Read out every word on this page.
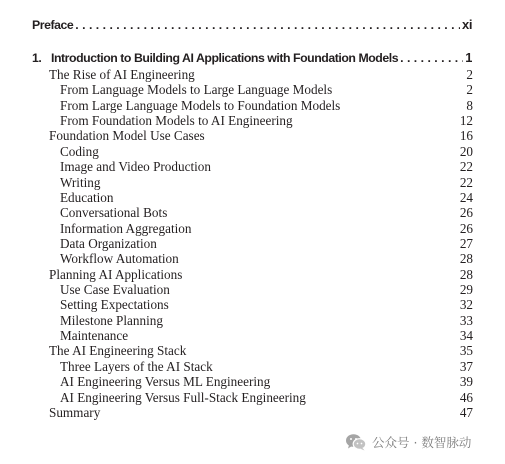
Preface . . .	xi
1. Introduction to Building AI Applications with Foundation Models . . .	1
The Rise of AI Engineering	2
From Language Models to Large Language Models	2
From Large Language Models to Foundation Models	8
From Foundation Models to AI Engineering	12
Foundation Model Use Cases	16
Coding	20
Image and Video Production	22
Writing	22
Education	24
Conversational Bots	26
Information Aggregation	26
Data Organization	27
Workflow Automation	28
Planning AI Applications	28
Use Case Evaluation	29
Setting Expectations	32
Milestone Planning	33
Maintenance	34
The AI Engineering Stack	35
Three Layers of the AI Stack	37
AI Engineering Versus ML Engineering	39
AI Engineering Versus Full-Stack Engineering	46
Summary	47
公众号 · 数智脉动
